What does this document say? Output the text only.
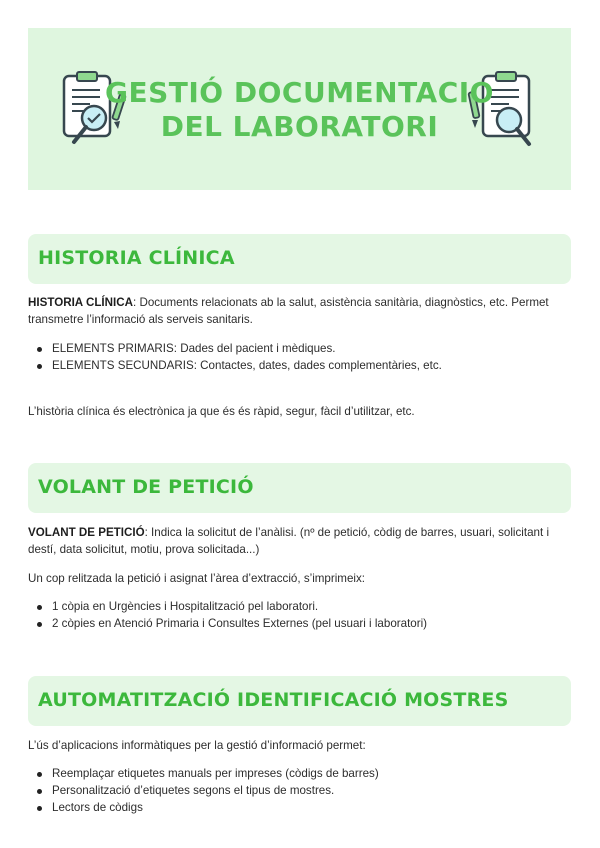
GESTIÓ DOCUMENTACIO
DEL LABORATORI
HISTORIA CLÍNICA
HISTORIA CLÍNICA: Documents relacionats ab la salut, asistència sanitària, diagnòstics, etc. Permet transmetre l’informació als serveis sanitaris.
ELEMENTS PRIMARIS: Dades del pacient i mèdiques.
ELEMENTS SECUNDARIS: Contactes, dates, dades complementàries, etc.
L’història clínica és electrònica ja que és és ràpid, segur, fàcil d’utilitzar, etc.
VOLANT DE PETICIÓ
VOLANT DE PETICIÓ: Indica la solicitut de l’anàlisi. (nº de petició, còdig de barres, usuari, solicitant i destí, data solicitut, motiu, prova solicitada...)
Un cop relitzada la petició i asignat l’àrea d’extracció, s’imprimeix:
1 còpia en Urgències i Hospitalització pel laboratori.
2 còpies en Atenció Primaria i Consultes Externes (pel usuari i laboratori)
AUTOMATITZACIÓ IDENTIFICACIÓ MOSTRES
L’ús d’aplicacions informàtiques per la gestió d’informació permet:
Reemplaçar etiquetes manuals per impreses (còdigs de barres)
Personalització d’etiquetes segons el tipus de mostres.
Lectors de còdigs
